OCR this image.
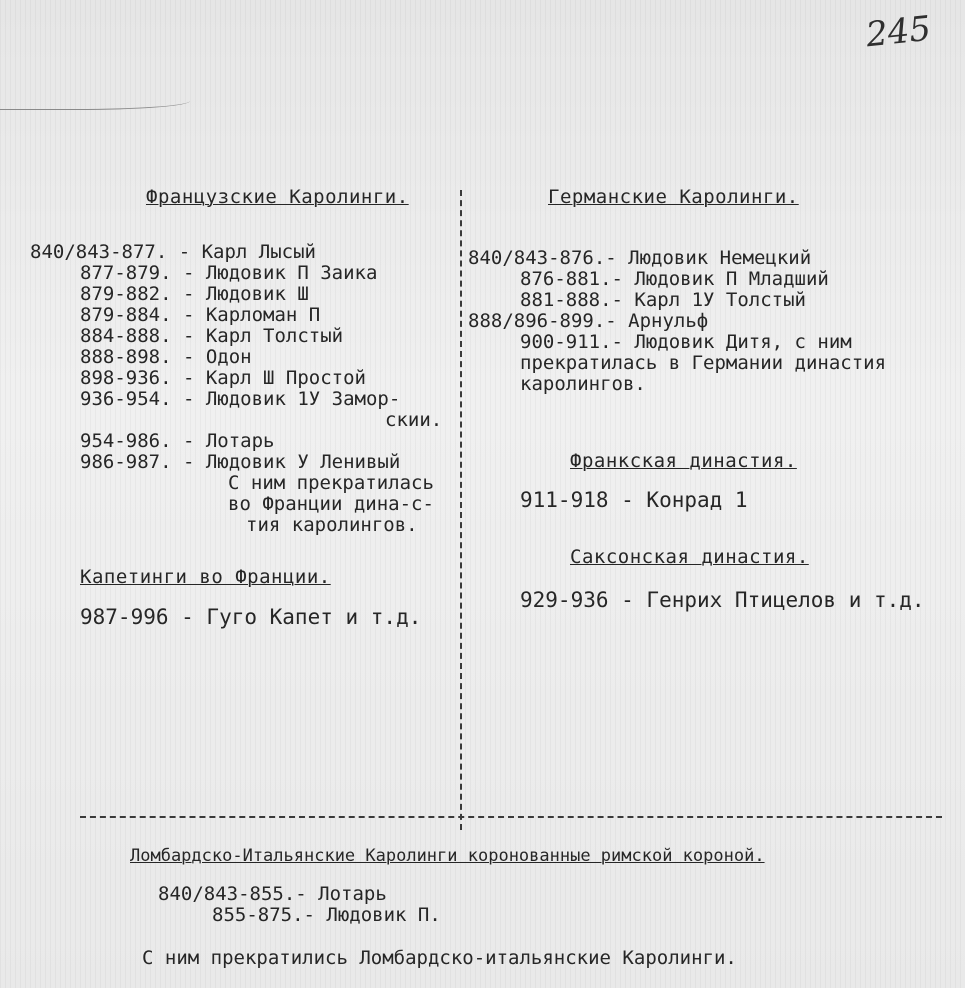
245
Французские Каролинги.
840/843-877. - Карл Лысый
877-879. - Людовик П Заика
879-882. - Людовик Ш
879-884. - Карломан П
884-888. - Карл Толстый
888-898. - Одон
898-936. - Карл Ш Простой
936-954. - Людовик 1У Замор-
скии.
954-986. - Лотарь
986-987. - Людовик У Ленивый
С ним прекратилась
во Франции дина-с-
тия каролингов.
Капетинги во Франции.
987-996 - Гуго Капет и т.д.
Германские Каролинги.
840/843-876.- Людовик Немецкий
876-881.- Людовик П Младший
881-888.- Карл 1У Толстый
888/896-899.- Арнульф
900-911.- Людовик Дитя, с ним
прекратилась в Германии династия
каролингов.
Франкская династия.
911-918 - Конрад 1
Саксонская династия.
929-936 - Генрих Птицелов и т.д.
Ломбардско-Итальянские Каролинги коронованные римской короной.
840/843-855.- Лотарь
855-875.- Людовик П.
С ним прекратились Ломбардско-итальянские Каролинги.
